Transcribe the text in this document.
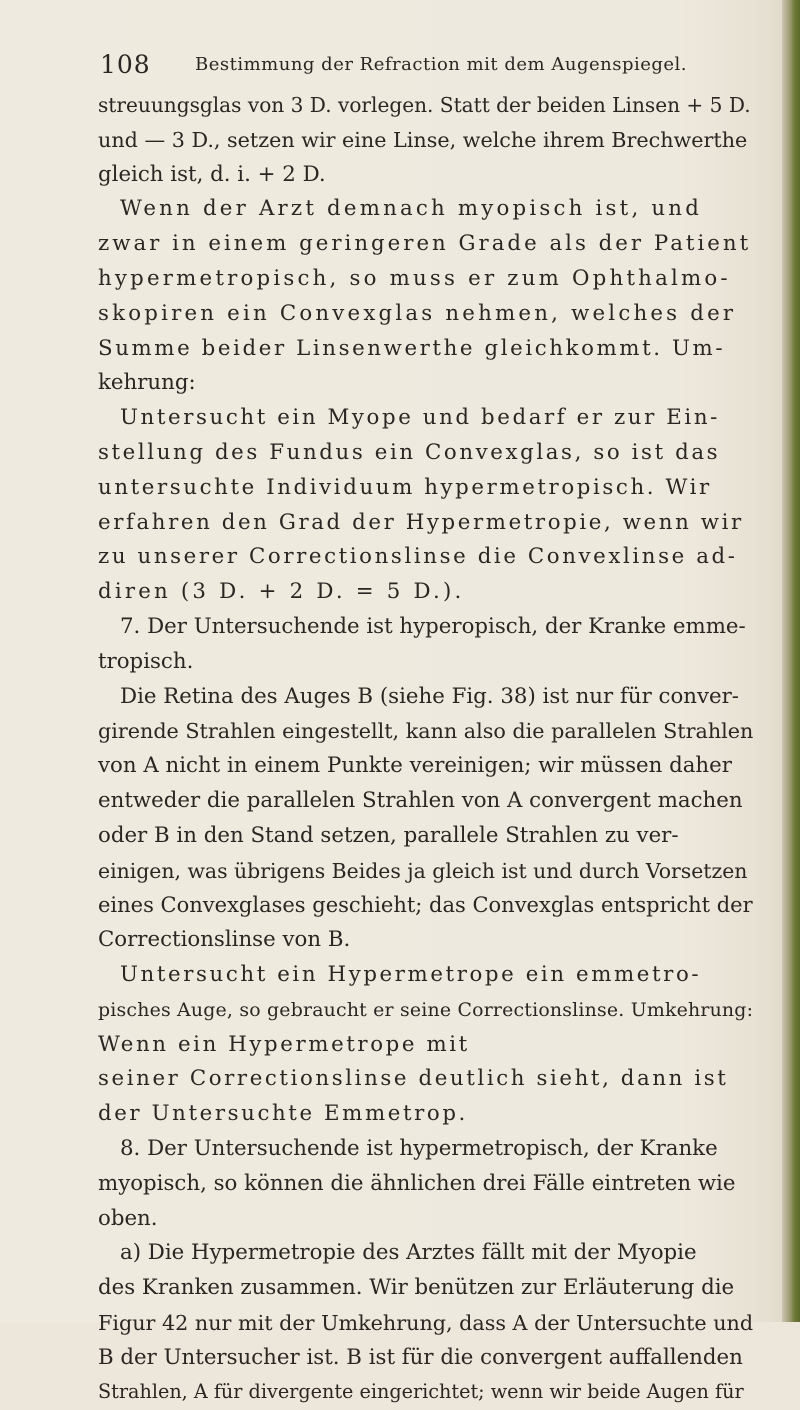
108 Bestimmung der Refraction mit dem Augenspiegel.
streuungsglas von 3 D. vorlegen. Statt der beiden Linsen + 5 D.
und — 3 D., setzen wir eine Linse, welche ihrem Brechwerthe
gleich ist, d. i. + 2 D.
Wenn der Arzt demnach myopisch ist, und
zwar in einem geringeren Grade als der Patient
hypermetropisch, so muss er zum Ophthalmo-
skopiren ein Convexglas nehmen, welches der
Summe beider Linsenwerthe gleichkommt. Um-
kehrung:
Untersucht ein Myope und bedarf er zur Ein-
stellung des Fundus ein Convexglas, so ist das
untersuchte Individuum hypermetropisch. Wir
erfahren den Grad der Hypermetropie, wenn wir
zu unserer Correctionslinse die Convexlinse ad-
diren (3 D. + 2 D. = 5 D.).
7. Der Untersuchende ist hyperopisch, der Kranke emme-
tropisch.
Die Retina des Auges B (siehe Fig. 38) ist nur für conver-
girende Strahlen eingestellt, kann also die parallelen Strahlen
von A nicht in einem Punkte vereinigen; wir müssen daher
entweder die parallelen Strahlen von A convergent machen
oder B in den Stand setzen, parallele Strahlen zu ver-
einigen, was übrigens Beides ja gleich ist und durch Vorsetzen
eines Convexglases geschieht; das Convexglas entspricht der
Correctionslinse von B.
Untersucht ein Hypermetrope ein emmetro-
pisches Auge, so gebraucht er seine Correctionslinse. Umkehrung:
Wenn ein Hypermetrope mit
seiner Correctionslinse deutlich sieht, dann ist
der Untersuchte Emmetrop.
8. Der Untersuchende ist hypermetropisch, der Kranke
myopisch, so können die ähnlichen drei Fälle eintreten wie
oben.
a) Die Hypermetropie des Arztes fällt mit der Myopie
des Kranken zusammen. Wir benützen zur Erläuterung die
Figur 42 nur mit der Umkehrung, dass A der Untersuchte und
B der Untersucher ist. B ist für die convergent auffallenden
Strahlen, A für divergente eingerichtet; wenn wir beide Augen für
